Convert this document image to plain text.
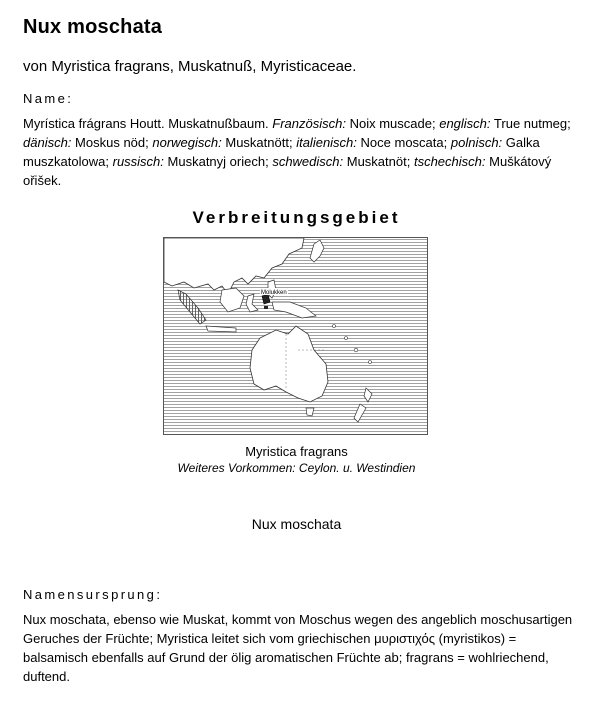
Nux moschata
von Myristica fragrans, Muskatnuß, Myristicaceae.
Name:
Myrística frágrans Houtt. Muskatnußbaum. Französisch: Noix muscade; englisch: True nutmeg; dänisch: Moskus nöd; norwegisch: Muskatnött; italienisch: Noce moscata; polnisch: Galka muszkatolowa; russisch: Muskatnyj oriech; schwedisch: Muskatnöt; tschechisch: Muškátový ořišek.
Verbreitungsgebiet
Molukken
Myristica fragrans
Weiteres Vorkommen: Ceylon. u. Westindien
Nux moschata
Namensursprung:
Nux moschata, ebenso wie Muskat, kommt von Moschus wegen des angeblich moschusartigen Geruches der Früchte; Myristica leitet sich vom griechischen μυριστιχός (myristikos) = balsamisch ebenfalls auf Grund der ölig aromatischen Früchte ab; fragrans = wohlriechend, duftend.
